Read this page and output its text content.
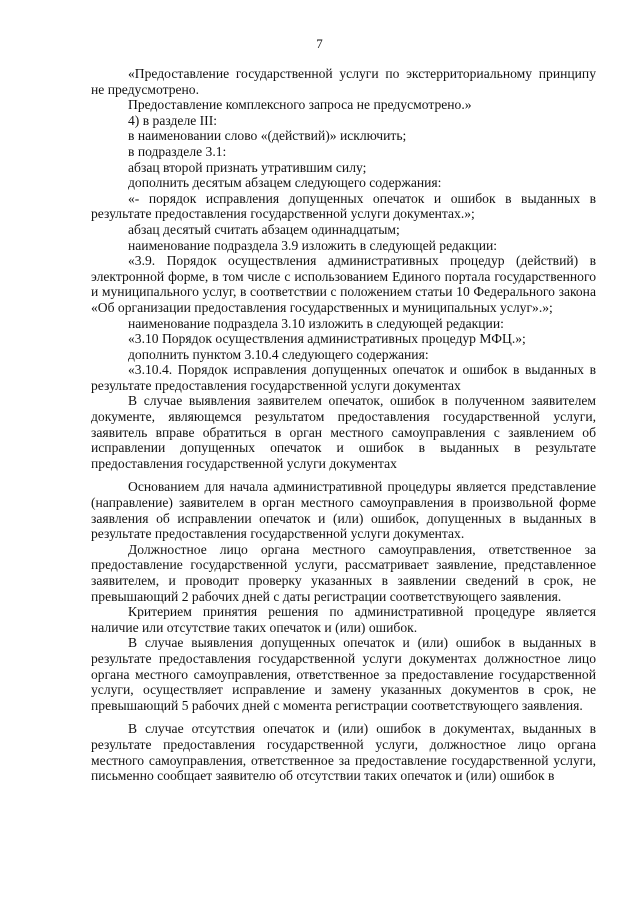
7

«Предоставление государственной услуги по экстерриториальному принципу не предусмотрено.

Предоставление комплексного запроса не предусмотрено.»

4) в разделе III:

в наименовании слово «(действий)» исключить;

в подразделе 3.1:

абзац второй признать утратившим силу;

дополнить десятым абзацем следующего содержания:

«- порядок исправления допущенных опечаток и ошибок в выданных в результате предоставления государственной услуги документах.»;

абзац десятый считать абзацем одиннадцатым;

наименование подраздела 3.9 изложить в следующей редакции:

«3.9. Порядок осуществления административных процедур (действий) в электронной форме, в том числе с использованием Единого портала государственного и муниципального услуг, в соответствии с положением статьи 10 Федерального закона «Об организации предоставления государственных и муниципальных услуг».»;

наименование подраздела 3.10 изложить в следующей редакции:

«3.10 Порядок осуществления административных процедур МФЦ.»;

дополнить пунктом 3.10.4 следующего содержания:

«3.10.4. Порядок исправления допущенных опечаток и ошибок в выданных в результате предоставления государственной услуги документах

В случае выявления заявителем опечаток, ошибок в полученном заявителем документе, являющемся результатом предоставления государственной услуги, заявитель вправе обратиться в орган местного самоуправления с заявлением об исправлении допущенных опечаток и ошибок в выданных в результате предоставления государственной услуги документах

Основанием для начала административной процедуры является представление (направление) заявителем в орган местного самоуправления в произвольной форме заявления об исправлении опечаток и (или) ошибок, допущенных в выданных в результате предоставления государственной услуги документах.

Должностное лицо органа местного самоуправления, ответственное за предоставление государственной услуги, рассматривает заявление, представленное заявителем, и проводит проверку указанных в заявлении сведений в срок, не превышающий 2 рабочих дней с даты регистрации соответствующего заявления.

Критерием принятия решения по административной процедуре является наличие или отсутствие таких опечаток и (или) ошибок.

В случае выявления допущенных опечаток и (или) ошибок в выданных в результате предоставления государственной услуги документах должностное лицо органа местного самоуправления, ответственное за предоставление государственной услуги, осуществляет исправление и замену указанных документов в срок, не превышающий 5 рабочих дней с момента регистрации соответствующего заявления.

В случае отсутствия опечаток и (или) ошибок в документах, выданных в результате предоставления государственной услуги, должностное лицо органа местного самоуправления, ответственное за предоставление государственной услуги, письменно сообщает заявителю об отсутствии таких опечаток и (или) ошибок в
